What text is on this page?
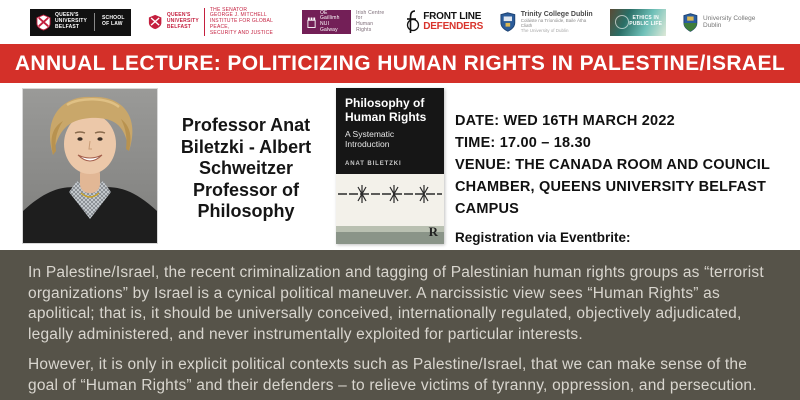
QUEEN'S
UNIVERSITY
BELFAST
SCHOOL
OF LAW
QUEEN'S
UNIVERSITY
BELFAST
THE SENATOR
GEORGE J. MITCHELL
INSTITUTE FOR GLOBAL PEACE,
SECURITY AND JUSTICE
OÉ Gaillimh
NUI Galway
Irish Centre for
Human Rights
FRONT LINE
DEFENDERS
Trinity College Dublin
Coláiste na Tríonóide, Baile Átha Cliath
The University of Dublin
ETHICS IN
PUBLIC LIFE
University College Dublin
ANNUAL LECTURE: POLITICIZING HUMAN RIGHTS IN PALESTINE/ISRAEL
Professor Anat Biletzki - Albert Schweitzer Professor of Philosophy
Philosophy of Human Rights
A Systematic Introduction
ANAT BILETZKI
R
DATE: WED 16TH MARCH 2022
TIME: 17.00 – 18.30
VENUE: THE CANADA ROOM AND COUNCIL CHAMBER, QUEENS UNIVERSITY BELFAST CAMPUS
Registration via Eventbrite:

In Palestine/Israel, the recent criminalization and tagging of Palestinian human rights groups as “terrorist organizations” by Israel is a cynical political maneuver. A narcissistic view sees “Human Rights” as apolitical; that is, it should be universally conceived, internationally regulated, objectively adjudicated, legally administered, and never instrumentally exploited for particular interests.

However, it is only in explicit political contexts such as Palestine/Israel, that we can make sense of the goal of “Human Rights” and their defenders – to relieve victims of tyranny, oppression, and persecution.
